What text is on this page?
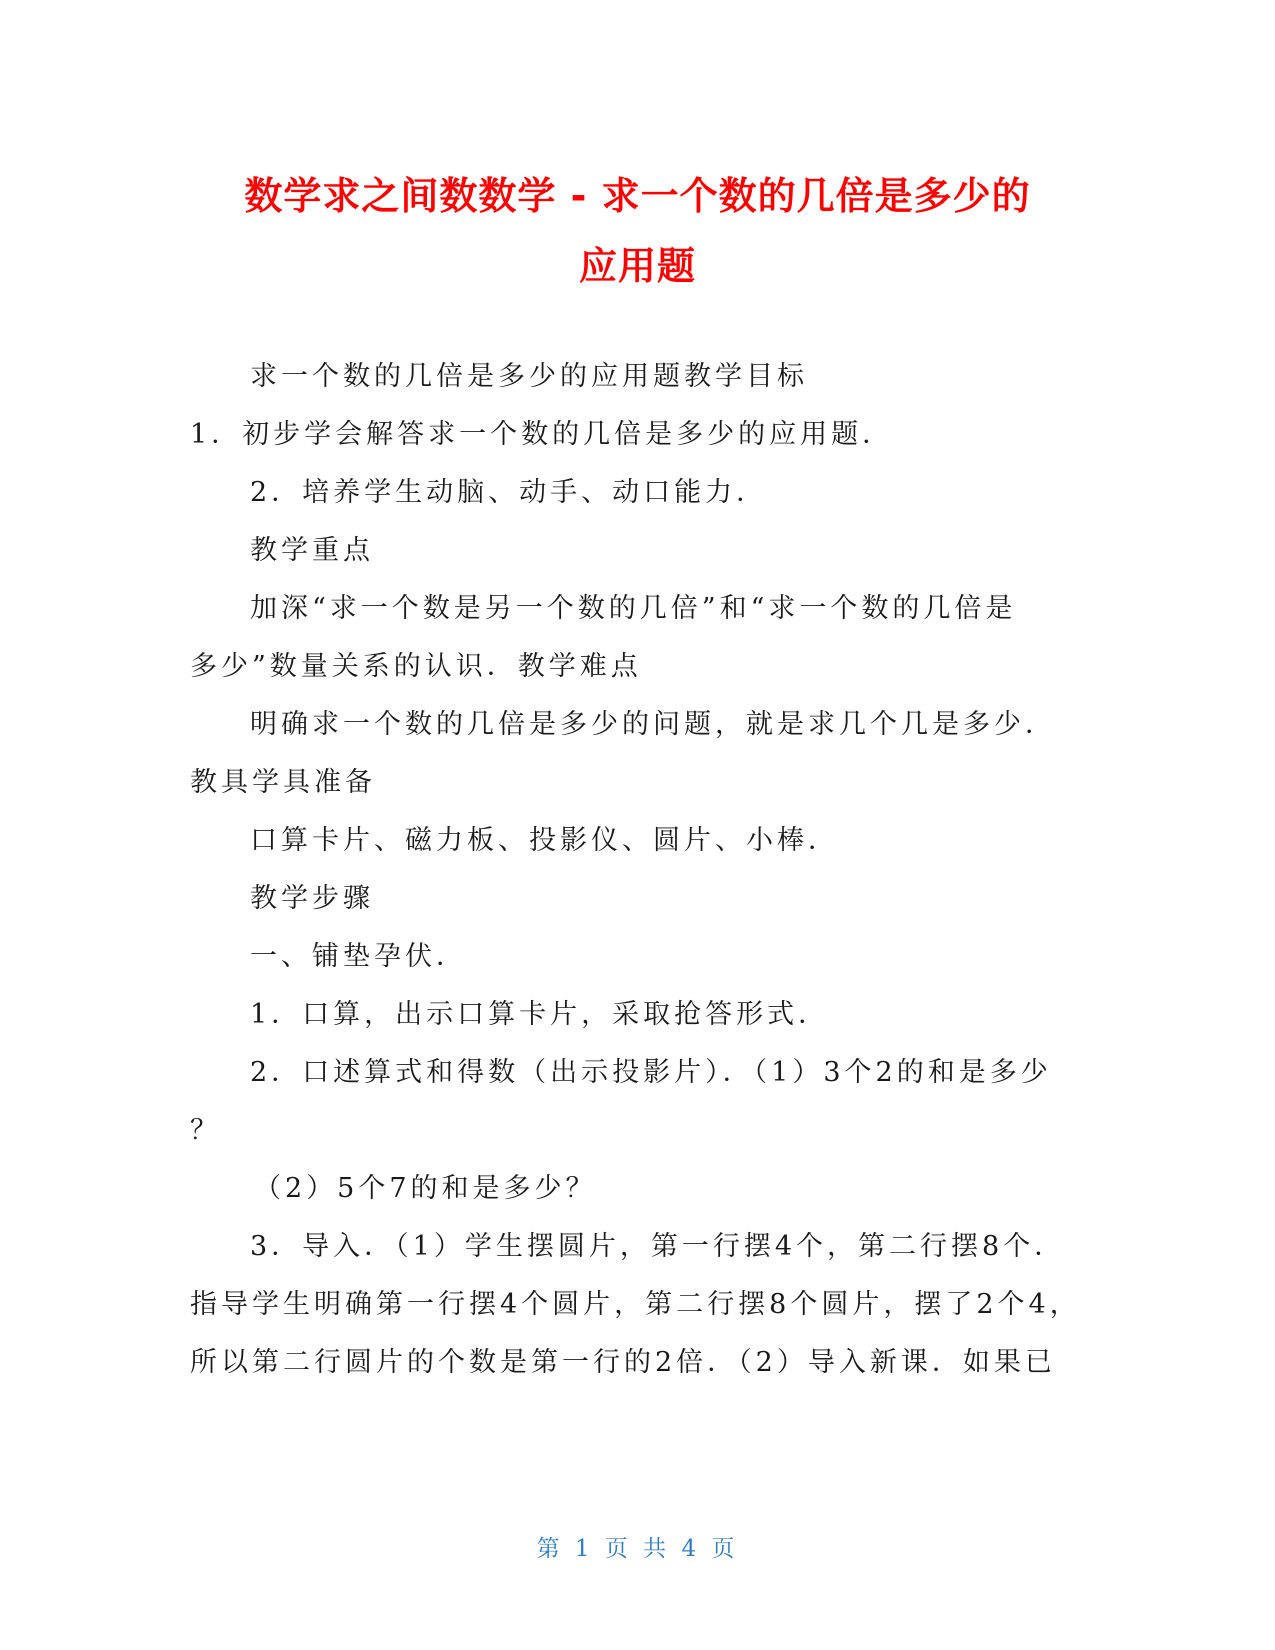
数学求之间数数学 - 求一个数的几倍是多少的
应用题
求一个数的几倍是多少的应用题教学目标
1．初步学会解答求一个数的几倍是多少的应用题．
2．培养学生动脑、动手、动口能力．
教学重点
加深“求一个数是另一个数的几倍”和“求一个数的几倍是
多少”数量关系的认识．教学难点
明确求一个数的几倍是多少的问题，就是求几个几是多少．
教具学具准备
口算卡片、磁力板、投影仪、圆片、小棒．
教学步骤
一、铺垫孕伏．
1．口算，出示口算卡片，采取抢答形式．
2．口述算式和得数（出示投影片）．（1）3个2的和是多少
？
（2）5个7的和是多少？
3．导入．（1）学生摆圆片，第一行摆4个，第二行摆8个．
指导学生明确第一行摆4个圆片，第二行摆8个圆片，摆了2个4，
所以第二行圆片的个数是第一行的2倍．（2）导入新课．如果已
第 1 页 共 4 页
